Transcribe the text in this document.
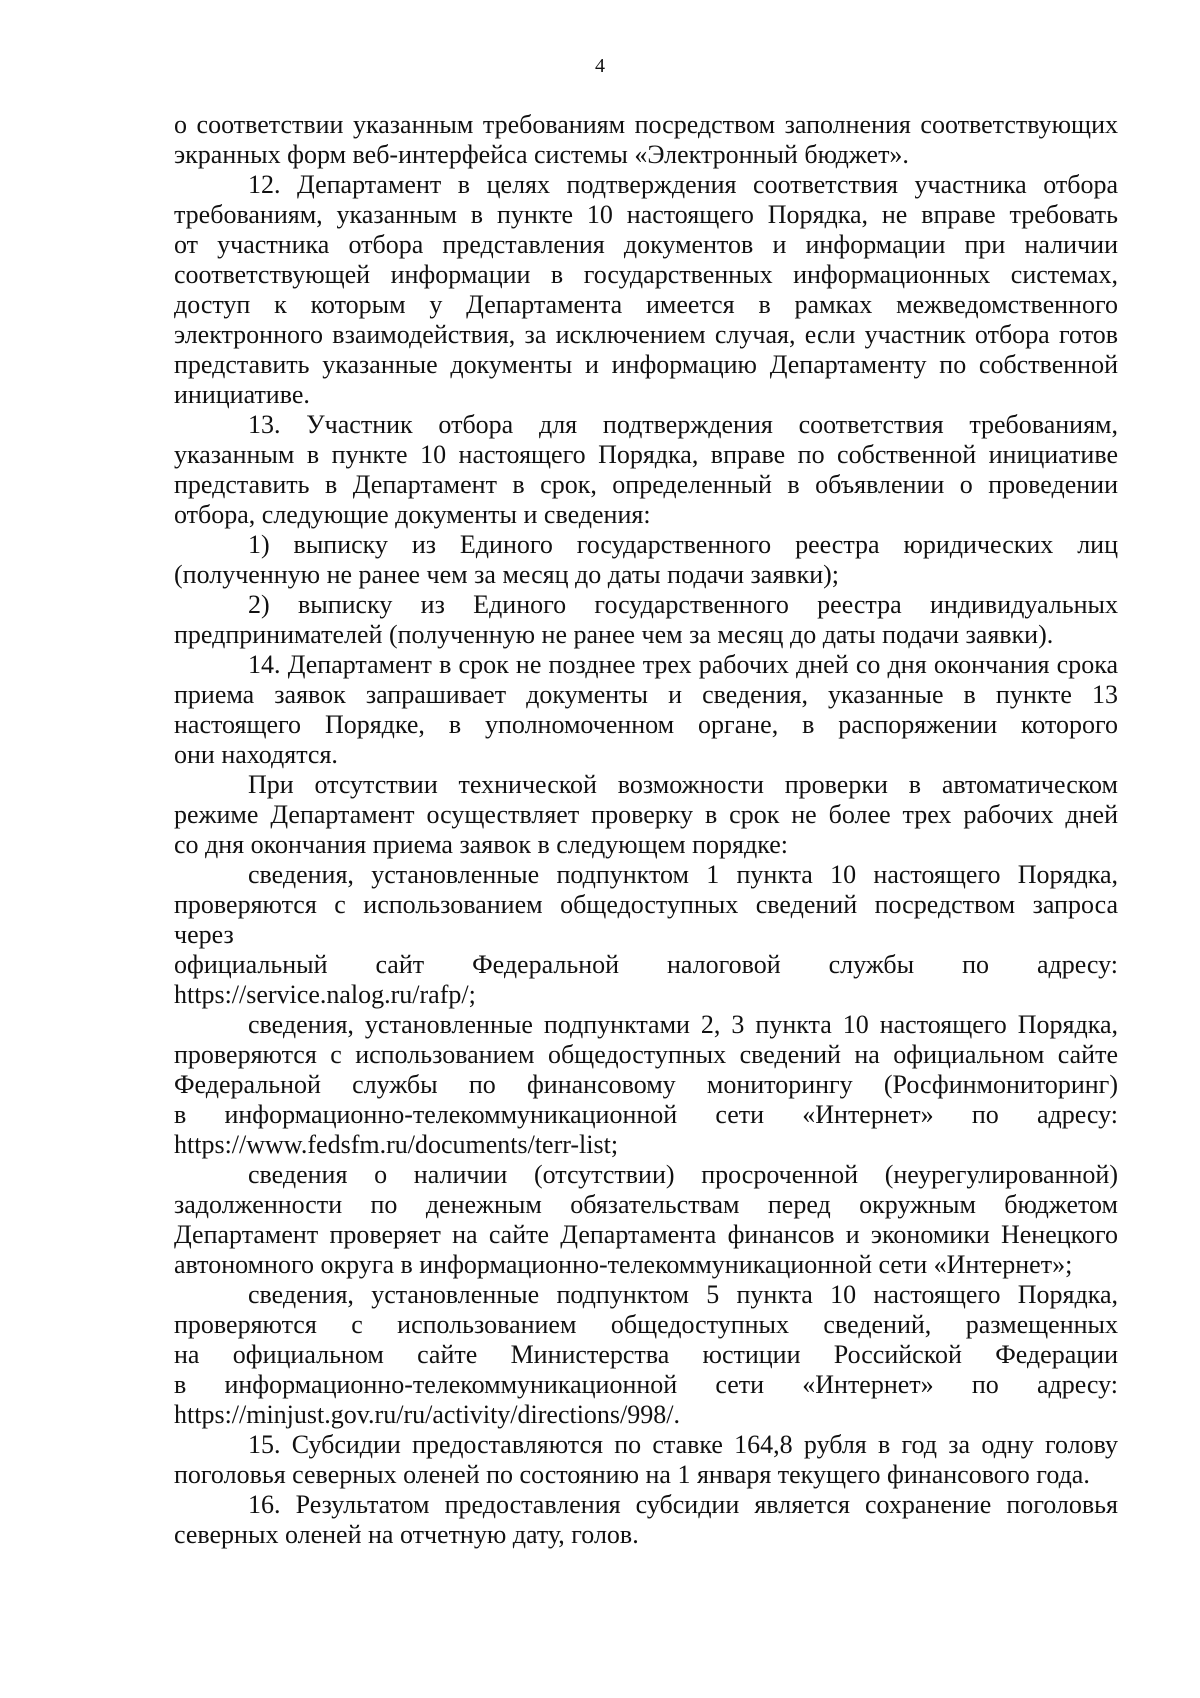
4

о соответствии указанным требованиям посредством заполнения соответствующих
экранных форм веб-интерфейса системы «Электронный бюджет».

12. Департамент в целях подтверждения соответствия участника отбора
требованиям, указанным в пункте 10 настоящего Порядка, не вправе требовать
от участника отбора представления документов и информации при наличии
соответствующей информации в государственных информационных системах,
доступ к которым у Департамента имеется в рамках межведомственного
электронного взаимодействия, за исключением случая, если участник отбора готов
представить указанные документы и информацию Департаменту по собственной
инициативе.

13. Участник отбора для подтверждения соответствия требованиям,
указанным в пункте 10 настоящего Порядка, вправе по собственной инициативе
представить в Департамент в срок, определенный в объявлении о проведении
отбора, следующие документы и сведения:

1) выписку из Единого государственного реестра юридических лиц
(полученную не ранее чем за месяц до даты подачи заявки);

2) выписку из Единого государственного реестра индивидуальных
предпринимателей (полученную не ранее чем за месяц до даты подачи заявки).

14. Департамент в срок не позднее трех рабочих дней со дня окончания срока
приема заявок запрашивает документы и сведения, указанные в пункте 13
настоящего Порядке, в уполномоченном органе, в распоряжении которого
они находятся.

При отсутствии технической возможности проверки в автоматическом
режиме Департамент осуществляет проверку в срок не более трех рабочих дней
со дня окончания приема заявок в следующем порядке:

сведения, установленные подпунктом 1 пункта 10 настоящего Порядка,
проверяются с использованием общедоступных сведений посредством запроса через
официальный сайт Федеральной налоговой службы по адресу:
https://service.nalog.ru/rafp/;

сведения, установленные подпунктами 2, 3 пункта 10 настоящего Порядка,
проверяются с использованием общедоступных сведений на официальном сайте
Федеральной службы по финансовому мониторингу (Росфинмониторинг)
в информационно-телекоммуникационной сети «Интернет» по адресу:
https://www.fedsfm.ru/documents/terr-list;

сведения о наличии (отсутствии) просроченной (неурегулированной)
задолженности по денежным обязательствам перед окружным бюджетом
Департамент проверяет на сайте Департамента финансов и экономики Ненецкого
автономного округа в информационно-телекоммуникационной сети «Интернет»;

сведения, установленные подпунктом 5 пункта 10 настоящего Порядка,
проверяются с использованием общедоступных сведений, размещенных
на официальном сайте Министерства юстиции Российской Федерации
в информационно-телекоммуникационной сети «Интернет» по адресу:
https://minjust.gov.ru/ru/activity/directions/998/.

15. Субсидии предоставляются по ставке 164,8 рубля в год за одну голову
поголовья северных оленей по состоянию на 1 января текущего финансового года.

16. Результатом предоставления субсидии является сохранение поголовья
северных оленей на отчетную дату, голов.
